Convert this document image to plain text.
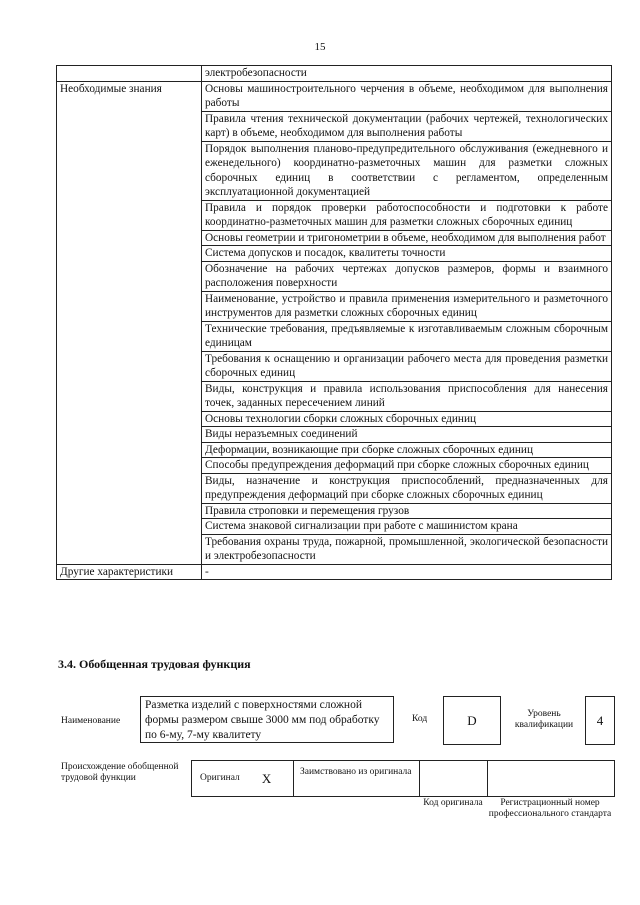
15
	электробезопасности
Необходимые знания	Основы машиностроительного черчения в объеме, необходимом для выполнения работы
	Правила чтения технической документации (рабочих чертежей, технологических карт) в объеме, необходимом для выполнения работы
	Порядок выполнения планово-предупредительного обслуживания (ежедневного и еженедельного) координатно-разметочных машин для разметки сложных сборочных единиц в соответствии с регламентом, определенным эксплуатационной документацией
	Правила и порядок проверки работоспособности и подготовки к работе координатно-разметочных машин для разметки сложных сборочных единиц
	Основы геометрии и тригонометрии в объеме, необходимом для выполнения работ
	Система допусков и посадок, квалитеты точности
	Обозначение на рабочих чертежах допусков размеров, формы и взаимного расположения поверхности
	Наименование, устройство и правила применения измерительного и разметочного инструментов для разметки сложных сборочных единиц
	Технические требования, предъявляемые к изготавливаемым сложным сборочным единицам
	Требования к оснащению и организации рабочего места для проведения разметки сборочных единиц
	Виды, конструкция и правила использования приспособления для нанесения точек, заданных пересечением линий
	Основы технологии сборки сложных сборочных единиц
	Виды неразъемных соединений
	Деформации, возникающие при сборке сложных сборочных единиц
	Способы предупреждения деформаций при сборке сложных сборочных единиц
	Виды, назначение и конструкция приспособлений, предназначенных для предупреждения деформаций при сборке сложных сборочных единиц
	Правила строповки и перемещения грузов
	Система знаковой сигнализации при работе с машинистом крана
	Требования охраны труда, пожарной, промышленной, экологической безопасности и электробезопасности
Другие характеристики	-
3.4. Обобщенная трудовая функция
Наименование
Разметка изделий с поверхностями сложной формы размером свыше 3000 мм под обработку по 6-му, 7-му квалитету
Код	D	Уровень квалификации	4
Происхождение обобщенной трудовой функции	Оригинал X	Заимствовано из оригинала
Код оригинала	Регистрационный номер профессионального стандарта
